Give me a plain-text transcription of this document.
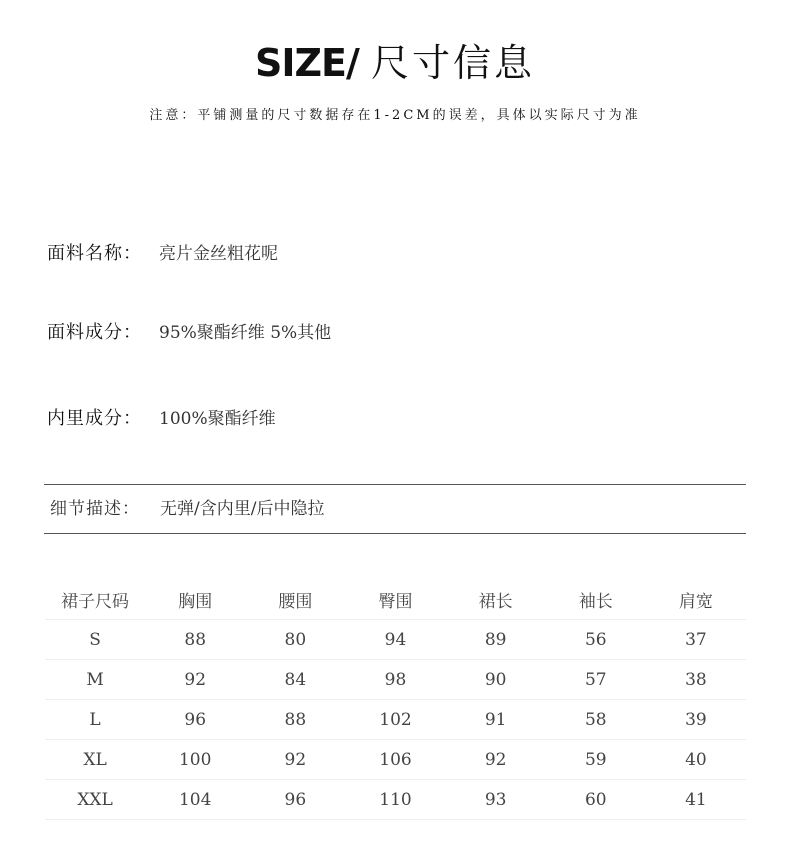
SIZE/ 尺寸信息
注意：平铺测量的尺寸数据存在1-2CM的误差，具体以实际尺寸为准
面料名称： 亮片金丝粗花呢
面料成分： 95%聚酯纤维 5%其他
内里成分： 100%聚酯纤维
细节描述： 无弹/含内里/后中隐拉
裙子尺码	胸围	腰围	臀围	裙长	袖长	肩宽
S	88	80	94	89	56	37
M	92	84	98	90	57	38
L	96	88	102	91	58	39
XL	100	92	106	92	59	40
XXL	104	96	110	93	60	41
